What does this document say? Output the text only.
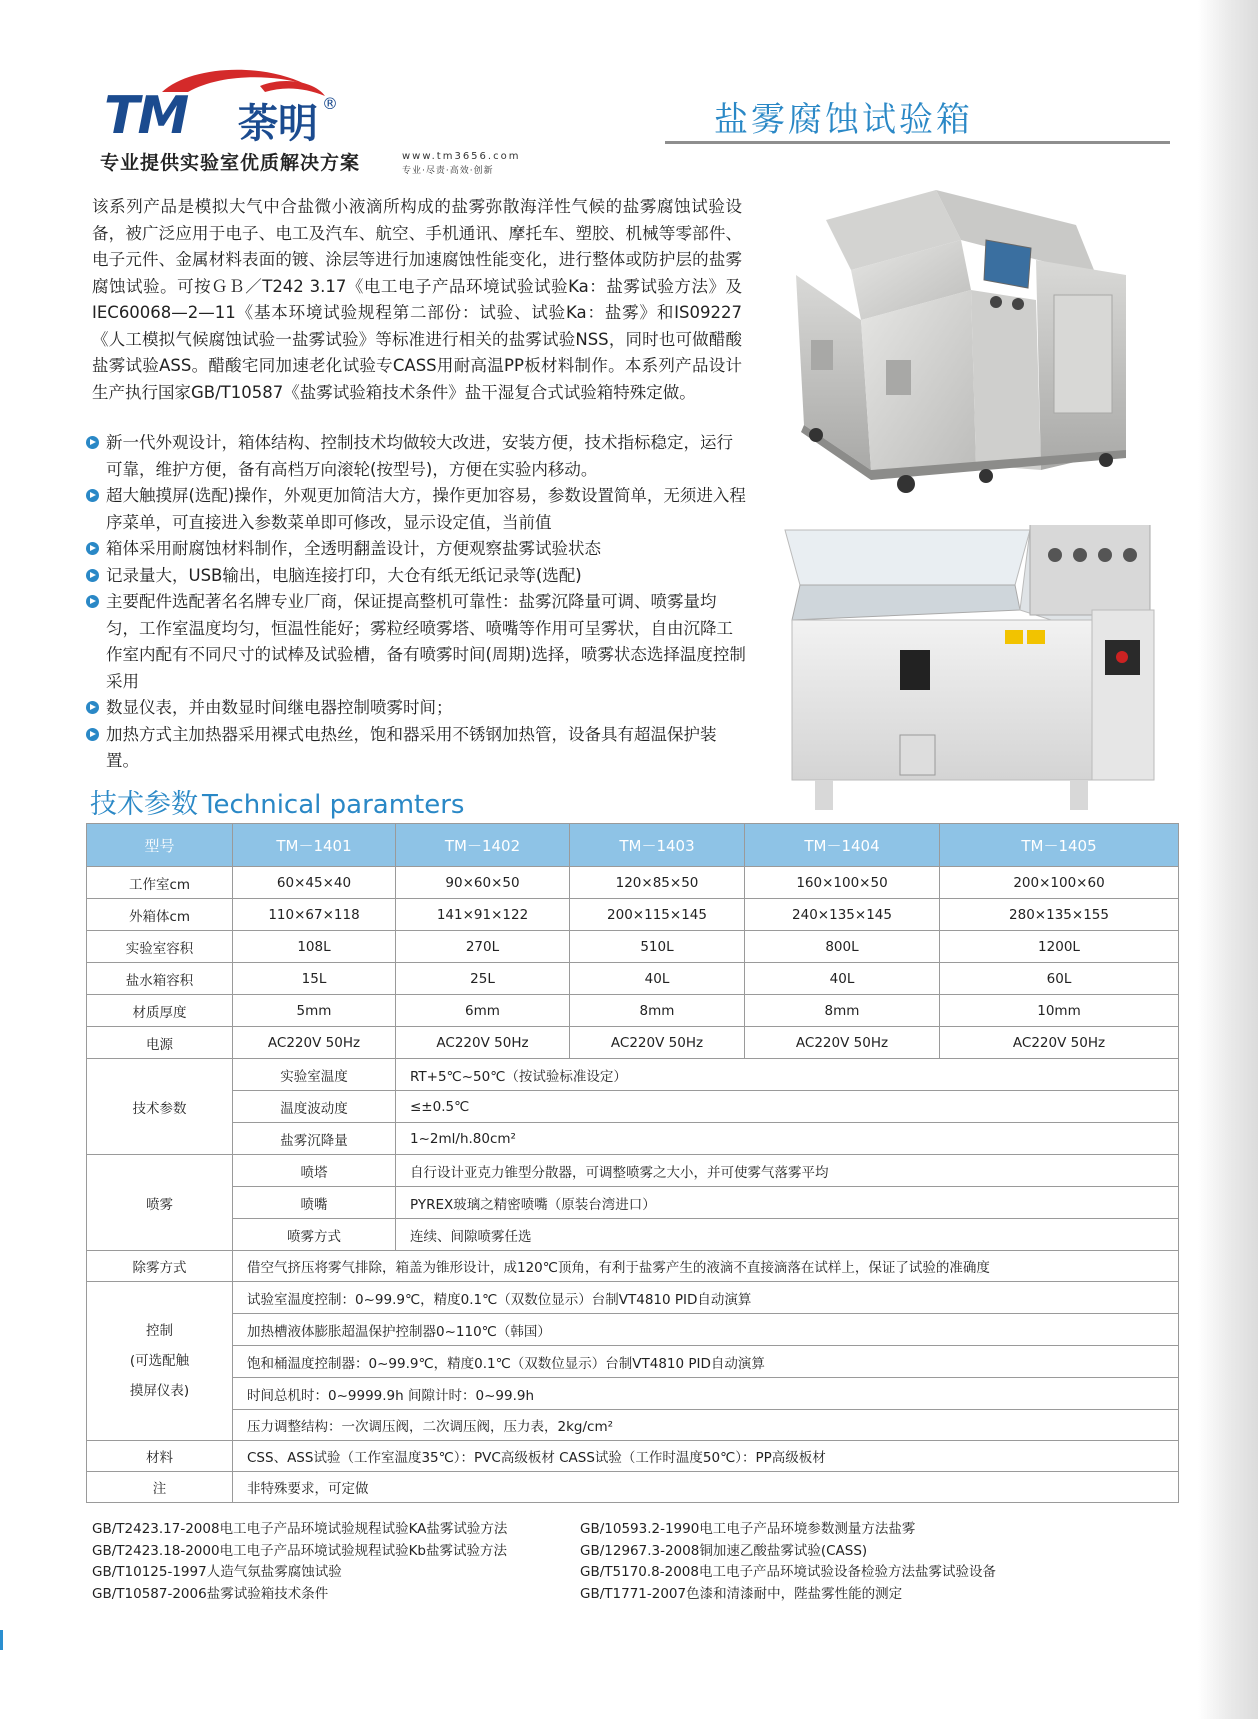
TM 荼明 ®	盐雾腐蚀试验箱
专业提供实验室优质解决方案	www.tm3656.com
专业·尽责·高效·创新

该系列产品是模拟大气中合盐微小液滴所构成的盐雾弥散海洋性气候的盐雾腐蚀试验设备，被广泛应用于电子、电工及汽车、航空、手机通讯、摩托车、塑胶、机械等零部件、电子元件、金属材料表面的镀、涂层等进行加速腐蚀性能变化，进行整体或防护层的盐雾腐蚀试验。可按ＧＢ／T242 3.17《电工电子产品环境试验试验Ka：盐雾试验方法》及IEC60068—2—11《基本环境试验规程第二部份：试验、试验Ka：盐雾》和IS09227《人工模拟气候腐蚀试验一盐雾试验》等标准进行相关的盐雾试验NSS，同时也可做醋酸盐雾试验ASS。醋酸宅同加速老化试验专CASS用耐高温PP板材料制作。本系列产品设计生产执行国家GB/T10587《盐雾试验箱技术条件》盐干湿复合式试验箱特殊定做。

新一代外观设计，箱体结构、控制技术均做较大改进，安装方便，技术指标稳定，运行可靠，维护方便，备有高档万向滚轮(按型号)，方便在实验内移动。
超大触摸屏(选配)操作，外观更加简洁大方，操作更加容易，参数设置简单，无须进入程序菜单，可直接进入参数菜单即可修改，显示设定值，当前值
箱体采用耐腐蚀材料制作，全透明翻盖设计，方便观察盐雾试验状态
记录量大，USB输出，电脑连接打印，大仓有纸无纸记录等(选配)
主要配件选配著名名牌专业厂商，保证提高整机可靠性：盐雾沉降量可调、喷雾量均匀，工作室温度均匀，恒温性能好；雾粒经喷雾塔、喷嘴等作用可呈雾状，自由沉降工作室内配有不同尺寸的试棒及试验槽，备有喷雾时间(周期)选择，喷雾状态选择温度控制采用
数显仪表，并由数显时间继电器控制喷雾时间；
加热方式主加热器采用裸式电热丝，饱和器采用不锈钢加热管，设备具有超温保护装置。
技术参数 Technical paramters
型号	TM－1401	TM－1402	TM－1403	TM－1404	TM－1405
工作室cm	60×45×40	90×60×50	120×85×50	160×100×50	200×100×60
外箱体cm	110×67×118	141×91×122	200×115×145	240×135×145	280×135×155
实验室容积	108L	270L	510L	800L	1200L
盐水箱容积	15L	25L	40L	40L	60L
材质厚度	5mm	6mm	8mm	8mm	10mm
电源	AC220V 50Hz	AC220V 50Hz	AC220V 50Hz	AC220V 50Hz	AC220V 50Hz
技术参数	实验室温度	RT+5℃~50℃（按试验标准设定）			
	温度波动度	≤±0.5℃			
	盐雾沉降量	1~2ml/h.80cm²			
喷雾	喷塔	自行设计亚克力锥型分散器，可调整喷雾之大小，并可使雾气落雾平均			
	喷嘴	PYREX玻璃之精密喷嘴（原装台湾进口）			
	喷雾方式	连续、间隙喷雾任选			
除雾方式	借空气挤压将雾气排除，箱盖为锥形设计，成120℃顶角，有利于盐雾产生的液滴不直接滴落在试样上，保证了试验的准确度				

控制
(可选配触
摸屏仪表)	试验室温度控制：0~99.9℃，精度0.1℃（双数位显示）台制VT4810 PID自动演算				
	加热槽液体膨胀超温保护控制器0~110℃（韩国）				
	饱和桶温度控制器：0~99.9℃，精度0.1℃（双数位显示）台制VT4810 PID自动演算				
	时间总机时：0~9999.9h 间隙计时：0~99.9h				
	压力调整结构：一次调压阀，二次调压阀，压力表，2kg/cm²				
材料	CSS、ASS试验（工作室温度35℃）：PVC高级板材 CASS试验（工作时温度50℃）：PP高级板材				
注	非特殊要求，可定做				
GB/T2423.17-2008电工电子产品环境试验规程试验KA盐雾试验方法
GB/T2423.18-2000电工电子产品环境试验规程试验Kb盐雾试验方法
GB/T10125-1997人造气氛盐雾腐蚀试验
GB/T10587-2006盐雾试验箱技术条件
GB/10593.2-1990电工电子产品环境参数测量方法盐雾
GB/12967.3-2008铜加速乙酸盐雾试验(CASS)
GB/T5170.8-2008电工电子产品环境试验设备检验方法盐雾试验设备
GB/T1771-2007色漆和清漆耐中，陛盐雾性能的测定
